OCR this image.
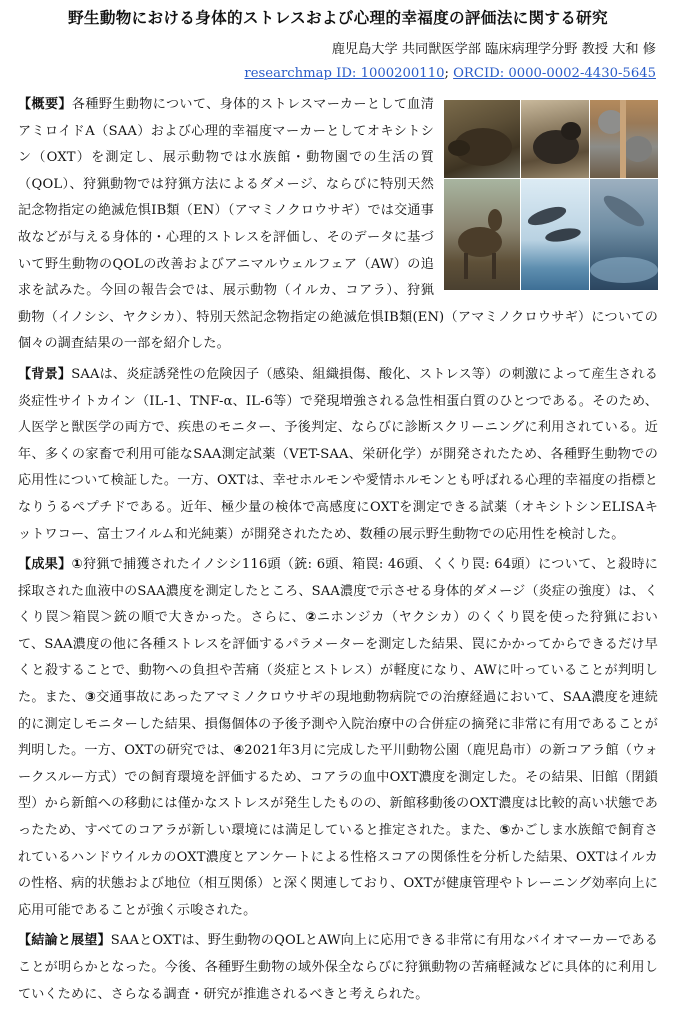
野生動物における身体的ストレスおよび心理的幸福度の評価法に関する研究
鹿児島大学 共同獣医学部 臨床病理学分野 教授 大和 修
researchmap ID: 1000200110; ORCID: 0000-0002-4430-5645

【概要】各種野生動物について、身体的ストレスマーカーとして血清アミロイドA（SAA）および心理的幸福度マーカーとしてオキシトシン（OXT）を測定し、展示動物では水族館・動物園での生活の質（QOL）、狩猟動物では狩猟方法によるダメージ、ならびに特別天然記念物指定の絶滅危惧IB類（EN）（アマミノクロウサギ）では交通事故などが与える身体的・心理的ストレスを評価し、そのデータに基づいて野生動物のQOLの改善およびアニマルウェルフェア（AW）の追求を試みた。今回の報告会では、展示動物（イルカ、コアラ）、狩猟動物（イノシシ、ヤクシカ）、特別天然記念物指定の絶滅危惧IB類(EN)（アマミノクロウサギ）についての個々の調査結果の一部を紹介した。

【背景】SAAは、炎症誘発性の危険因子（感染、組織損傷、酸化、ストレス等）の刺激によって産生される炎症性サイトカイン（IL-1、TNF-α、IL-6等）で発現増強される急性相蛋白質のひとつである。そのため、人医学と獣医学の両方で、疾患のモニター、予後判定、ならびに診断スクリーニングに利用されている。近年、多くの家畜で利用可能なSAA測定試薬（VET-SAA、栄研化学）が開発されたため、各種野生動物での応用性について検証した。一方、OXTは、幸せホルモンや愛情ホルモンとも呼ばれる心理的幸福度の指標となりうるペプチドである。近年、極少量の検体で高感度にOXTを測定できる試薬（オキシトシンELISAキットワコー、富士フイルム和光純薬）が開発されたため、数種の展示野生動物での応用性を検討した。

【成果】①狩猟で捕獲されたイノシシ116頭（銃: 6頭、箱罠: 46頭、くくり罠: 64頭）について、と殺時に採取された血液中のSAA濃度を測定したところ、SAA濃度で示させる身体的ダメージ（炎症の強度）は、くくり罠＞箱罠＞銃の順で大きかった。さらに、②ニホンジカ（ヤクシカ）のくくり罠を使った狩猟において、SAA濃度の他に各種ストレスを評価するパラメーターを測定した結果、罠にかかってからできるだけ早くと殺することで、動物への負担や苦痛（炎症とストレス）が軽度になり、AWに叶っていることが判明した。また、③交通事故にあったアマミノクロウサギの現地動物病院での治療経過において、SAA濃度を連続的に測定しモニターした結果、損傷個体の予後予測や入院治療中の合併症の摘発に非常に有用であることが判明した。一方、OXTの研究では、④2021年3月に完成した平川動物公園（鹿児島市）の新コアラ館（ウォークスルー方式）での飼育環境を評価するため、コアラの血中OXT濃度を測定した。その結果、旧館（閉鎖型）から新館への移動には僅かなストレスが発生したものの、新館移動後のOXT濃度は比較的高い状態であったため、すべてのコアラが新しい環境には満足していると推定された。また、⑤かごしま水族館で飼育されているハンドウイルカのOXT濃度とアンケートによる性格スコアの関係性を分析した結果、OXTはイルカの性格、病的状態および地位（相互関係）と深く関連しており、OXTが健康管理やトレーニング効率向上に応用可能であることが強く示唆された。

【結論と展望】SAAとOXTは、野生動物のQOLとAW向上に応用できる非常に有用なバイオマーカーであることが明らかとなった。今後、各種野生動物の域外保全ならびに狩猟動物の苦痛軽減などに具体的に利用していくために、さらなる調査・研究が推進されるべきと考えられた。
